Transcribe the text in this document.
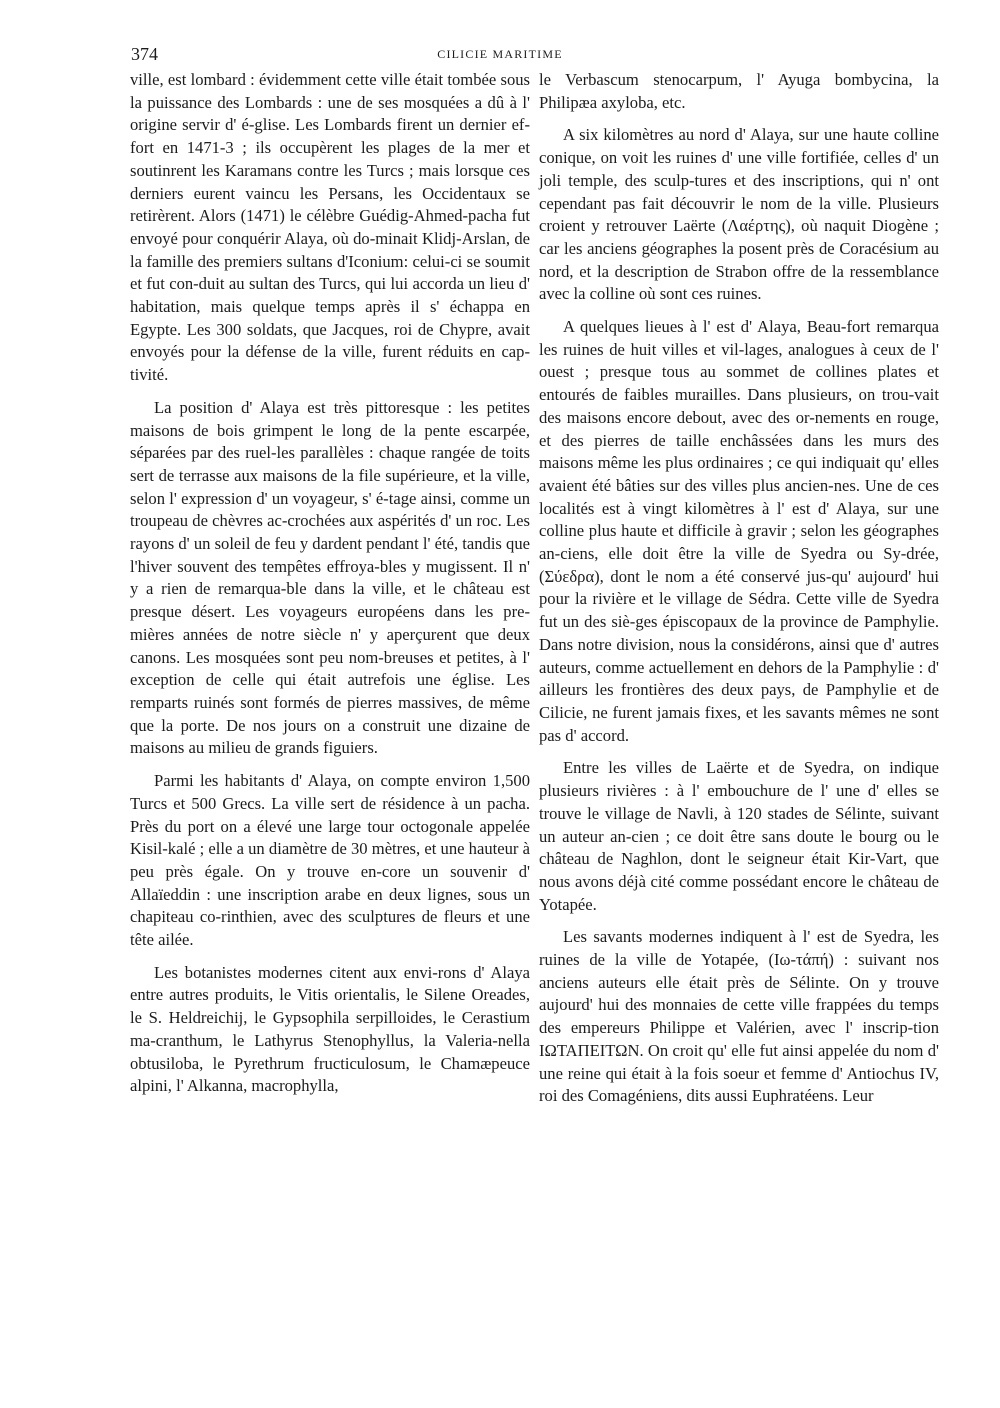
374	CILICIE MARITIME

ville, est lombard : évidemment cette ville était tombée sous la puissance des Lombards : une de ses mosquées a dû à l' origine servir d' é-glise. Les Lombards firent un dernier ef-fort en 1471-3 ; ils occupèrent les plages de la mer et soutinrent les Karamans contre les Turcs ; mais lorsque ces derniers eurent vaincu les Persans, les Occidentaux se retirèrent. Alors (1471) le célèbre Guédig-Ahmed-pacha fut envoyé pour conquérir Alaya, où do-minait Klidj-Arslan, de la famille des premiers sultans d'Iconium: celui-ci se soumit et fut con-duit au sultan des Turcs, qui lui accorda un lieu d' habitation, mais quelque temps après il s' échappa en Egypte. Les 300 soldats, que Jacques, roi de Chypre, avait envoyés pour la défense de la ville, furent réduits en cap-tivité.

La position d' Alaya est très pittoresque : les petites maisons de bois grimpent le long de la pente escarpée, séparées par des ruel-les parallèles : chaque rangée de toits sert de terrasse aux maisons de la file supérieure, et la ville, selon l' expression d' un voyageur, s' é-tage ainsi, comme un troupeau de chèvres ac-crochées aux aspérités d' un roc. Les rayons d' un soleil de feu y dardent pendant l' été, tandis que l'hiver souvent des tempêtes effroya-bles y mugissent. Il n' y a rien de remarqua-ble dans la ville, et le château est presque désert. Les voyageurs européens dans les pre-mières années de notre siècle n' y aperçurent que deux canons. Les mosquées sont peu nom-breuses et petites, à l' exception de celle qui était autrefois une église. Les remparts ruinés sont formés de pierres massives, de même que la porte. De nos jours on a construit une dizaine de maisons au milieu de grands figuiers.

Parmi les habitants d' Alaya, on compte environ 1,500 Turcs et 500 Grecs. La ville sert de résidence à un pacha. Près du port on a élevé une large tour octogonale appelée Kisil-kalé ; elle a un diamètre de 30 mètres, et une hauteur à peu près égale. On y trouve en-core un souvenir d' Allaïeddin : une inscription arabe en deux lignes, sous un chapiteau co-rinthien, avec des sculptures de fleurs et une tête ailée.

Les botanistes modernes citent aux envi-rons d' Alaya entre autres produits, le Vitis orientalis, le Silene Oreades, le S. Heldreichij, le Gypsophila serpilloides, le Cerastium ma-cranthum, le Lathyrus Stenophyllus, la Valeria-nella obtusiloba, le Pyrethrum fructiculosum, le Chamæpeuce alpini, l' Alkanna, macrophylla,

le Verbascum stenocarpum, l' Ayuga bombycina, la Philipæa axyloba, etc.

A six kilomètres au nord d' Alaya, sur une haute colline conique, on voit les ruines d' une ville fortifiée, celles d' un joli temple, des sculp-tures et des inscriptions, qui n' ont cependant pas fait découvrir le nom de la ville. Plusieurs croient y retrouver Laërte (Λαέρτης), où naquit Diogène ; car les anciens géographes la posent près de Coracésium au nord, et la description de Strabon offre de la ressemblance avec la colline où sont ces ruines.

A quelques lieues à l' est d' Alaya, Beau-fort remarqua les ruines de huit villes et vil-lages, analogues à ceux de l' ouest ; presque tous au sommet de collines plates et entourés de faibles murailles. Dans plusieurs, on trou-vait des maisons encore debout, avec des or-nements en rouge, et des pierres de taille enchâssées dans les murs des maisons même les plus ordinaires ; ce qui indiquait qu' elles avaient été bâties sur des villes plus ancien-nes. Une de ces localités est à vingt kilomètres à l' est d' Alaya, sur une colline plus haute et difficile à gravir ; selon les géographes an-ciens, elle doit être la ville de Syedra ou Sy-drée, (Σύεδρα), dont le nom a été conservé jus-qu' aujourd' hui pour la rivière et le village de Sédra. Cette ville de Syedra fut un des siè-ges épiscopaux de la province de Pamphylie. Dans notre division, nous la considérons, ainsi que d' autres auteurs, comme actuellement en dehors de la Pamphylie : d' ailleurs les frontières des deux pays, de Pamphylie et de Cilicie, ne furent jamais fixes, et les savants mêmes ne sont pas d' accord.

Entre les villes de Laërte et de Syedra, on indique plusieurs rivières : à l' embouchure de l' une d' elles se trouve le village de Navli, à 120 stades de Sélinte, suivant un auteur an-cien ; ce doit être sans doute le bourg ou le château de Naghlon, dont le seigneur était Kir-Vart, que nous avons déjà cité comme possédant encore le château de Yotapée.

Les savants modernes indiquent à l' est de Syedra, les ruines de la ville de Yotapée, (Ιω-τάπή) : suivant nos anciens auteurs elle était près de Sélinte. On y trouve aujourd' hui des monnaies de cette ville frappées du temps des empereurs Philippe et Valérien, avec l' inscrip-tion ΙΩΤΑΠΕΙΤΩΝ. On croit qu' elle fut ainsi appelée du nom d' une reine qui était à la fois soeur et femme d' Antiochus IV, roi des Comagéniens, dits aussi Euphratéens. Leur
